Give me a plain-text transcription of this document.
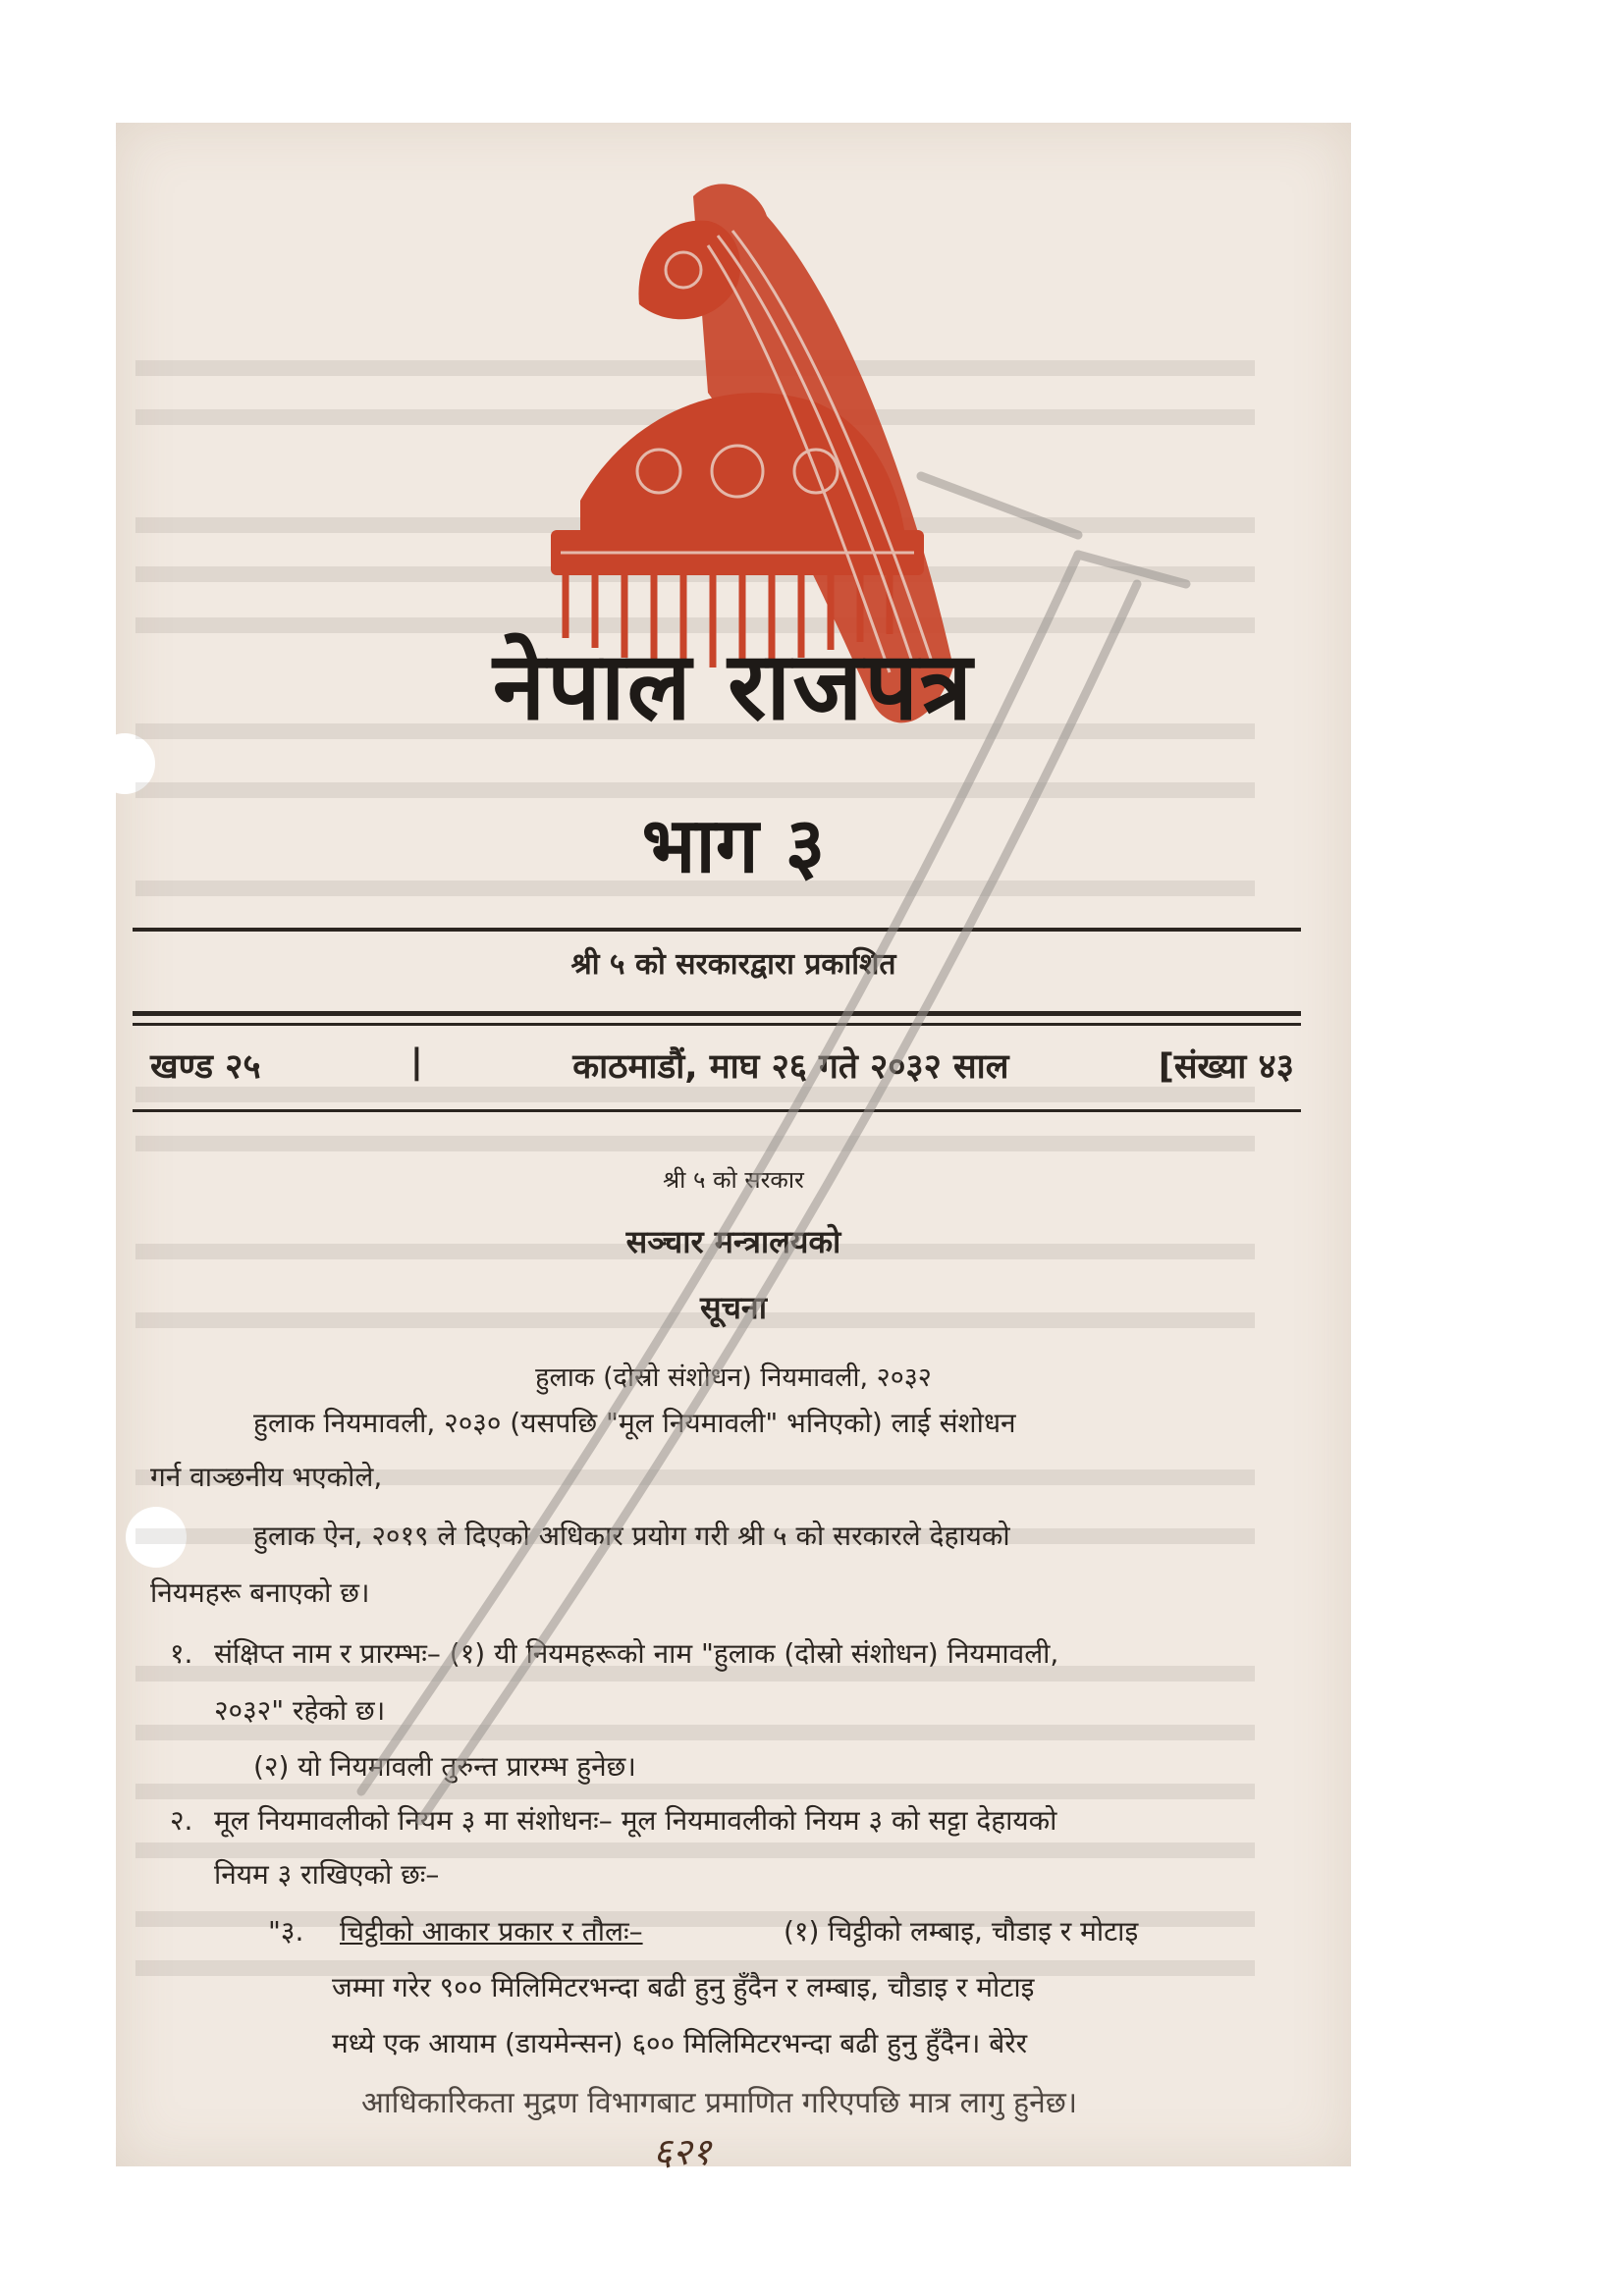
नेपाल राजपत्र
भाग ३
श्री ५ को सरकारद्वारा प्रकाशित
खण्ड २५	|	काठमाडौं, माघ २६ गते २०३२ साल	[संख्या ४३
श्री ५ को सरकार
सञ्चार मन्त्रालयको
सूचना
हुलाक (दोस्रो संशोधन) नियमावली, २०३२
हुलाक नियमावली, २०३० (यसपछि "मूल नियमावली" भनिएको) लाई संशोधन
गर्न वाञ्छनीय भएकोले,
हुलाक ऐन, २०१९ ले दिएको अधिकार प्रयोग गरी श्री ५ को सरकारले देहायको
नियमहरू बनाएको छ।
१. संक्षिप्त नाम र प्रारम्भः– (१) यी नियमहरूको नाम "हुलाक (दोस्रो संशोधन) नियमावली,
२०३२" रहेको छ।
(२) यो नियमावली तुरुन्त प्रारम्भ हुनेछ।
२. मूल नियमावलीको नियम ३ मा संशोधनः– मूल नियमावलीको नियम ३ को सट्टा देहायको
नियम ३ राखिएको छः–
"३. चिट्ठीको आकार प्रकार र तौलः–	(१) चिट्ठीको लम्बाइ, चौडाइ र मोटाइ
जम्मा गरेर ९०० मिलिमिटरभन्दा बढी हुनु हुँदैन र लम्बाइ, चौडाइ र मोटाइ
मध्ये एक आयाम (डायमेन्सन) ६०० मिलिमिटरभन्दा बढी हुनु हुँदैन। बेरेर
आधिकारिकता मुद्रण विभागबाट प्रमाणित गरिएपछि मात्र लागु हुनेछ।
६२१
